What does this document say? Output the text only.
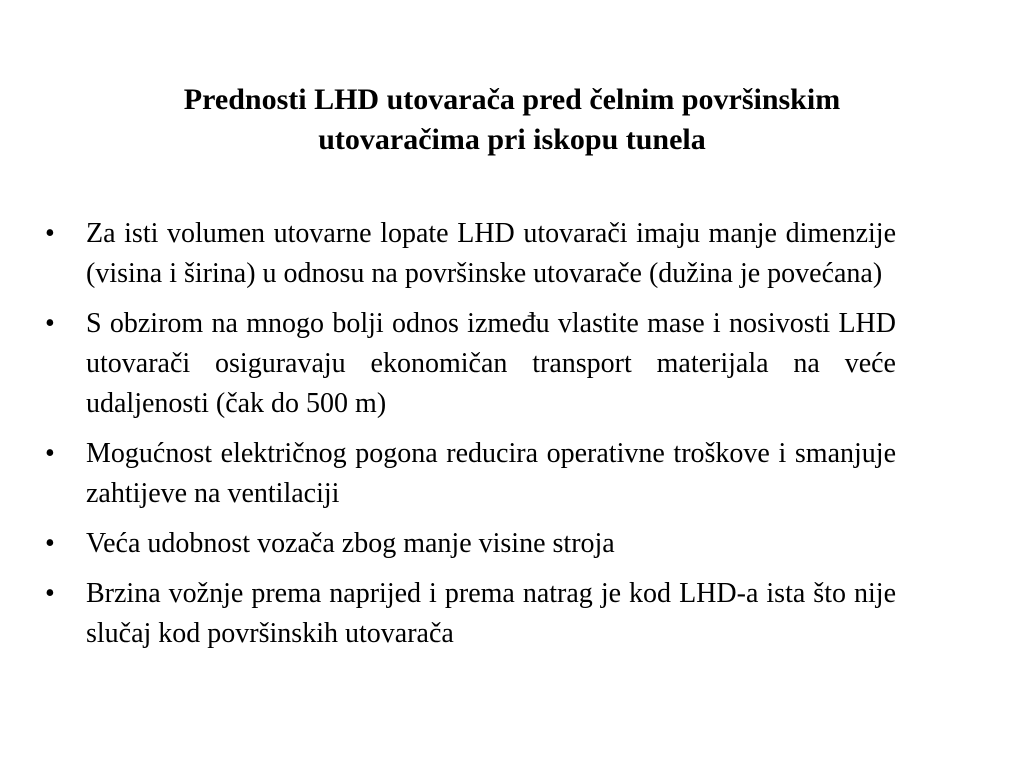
Prednosti LHD utovarača pred čelnim površinskim
utovaračima pri iskopu tunela
•	Za isti volumen utovarne lopate LHD utovarači imaju manje dimenzije (visina i širina) u odnosu na površinske utovarače (dužina je povećana)
•	S obzirom na mnogo bolji odnos između vlastite mase i nosivosti LHD utovarači osiguravaju ekonomičan transport materijala na veće udaljenosti (čak do 500 m)
•	Mogućnost električnog pogona reducira operativne troškove i smanjuje zahtijeve na ventilaciji
•	Veća udobnost vozača zbog manje visine stroja
•	Brzina vožnje prema naprijed i prema natrag je kod LHD-a ista što nije slučaj kod površinskih utovarača
